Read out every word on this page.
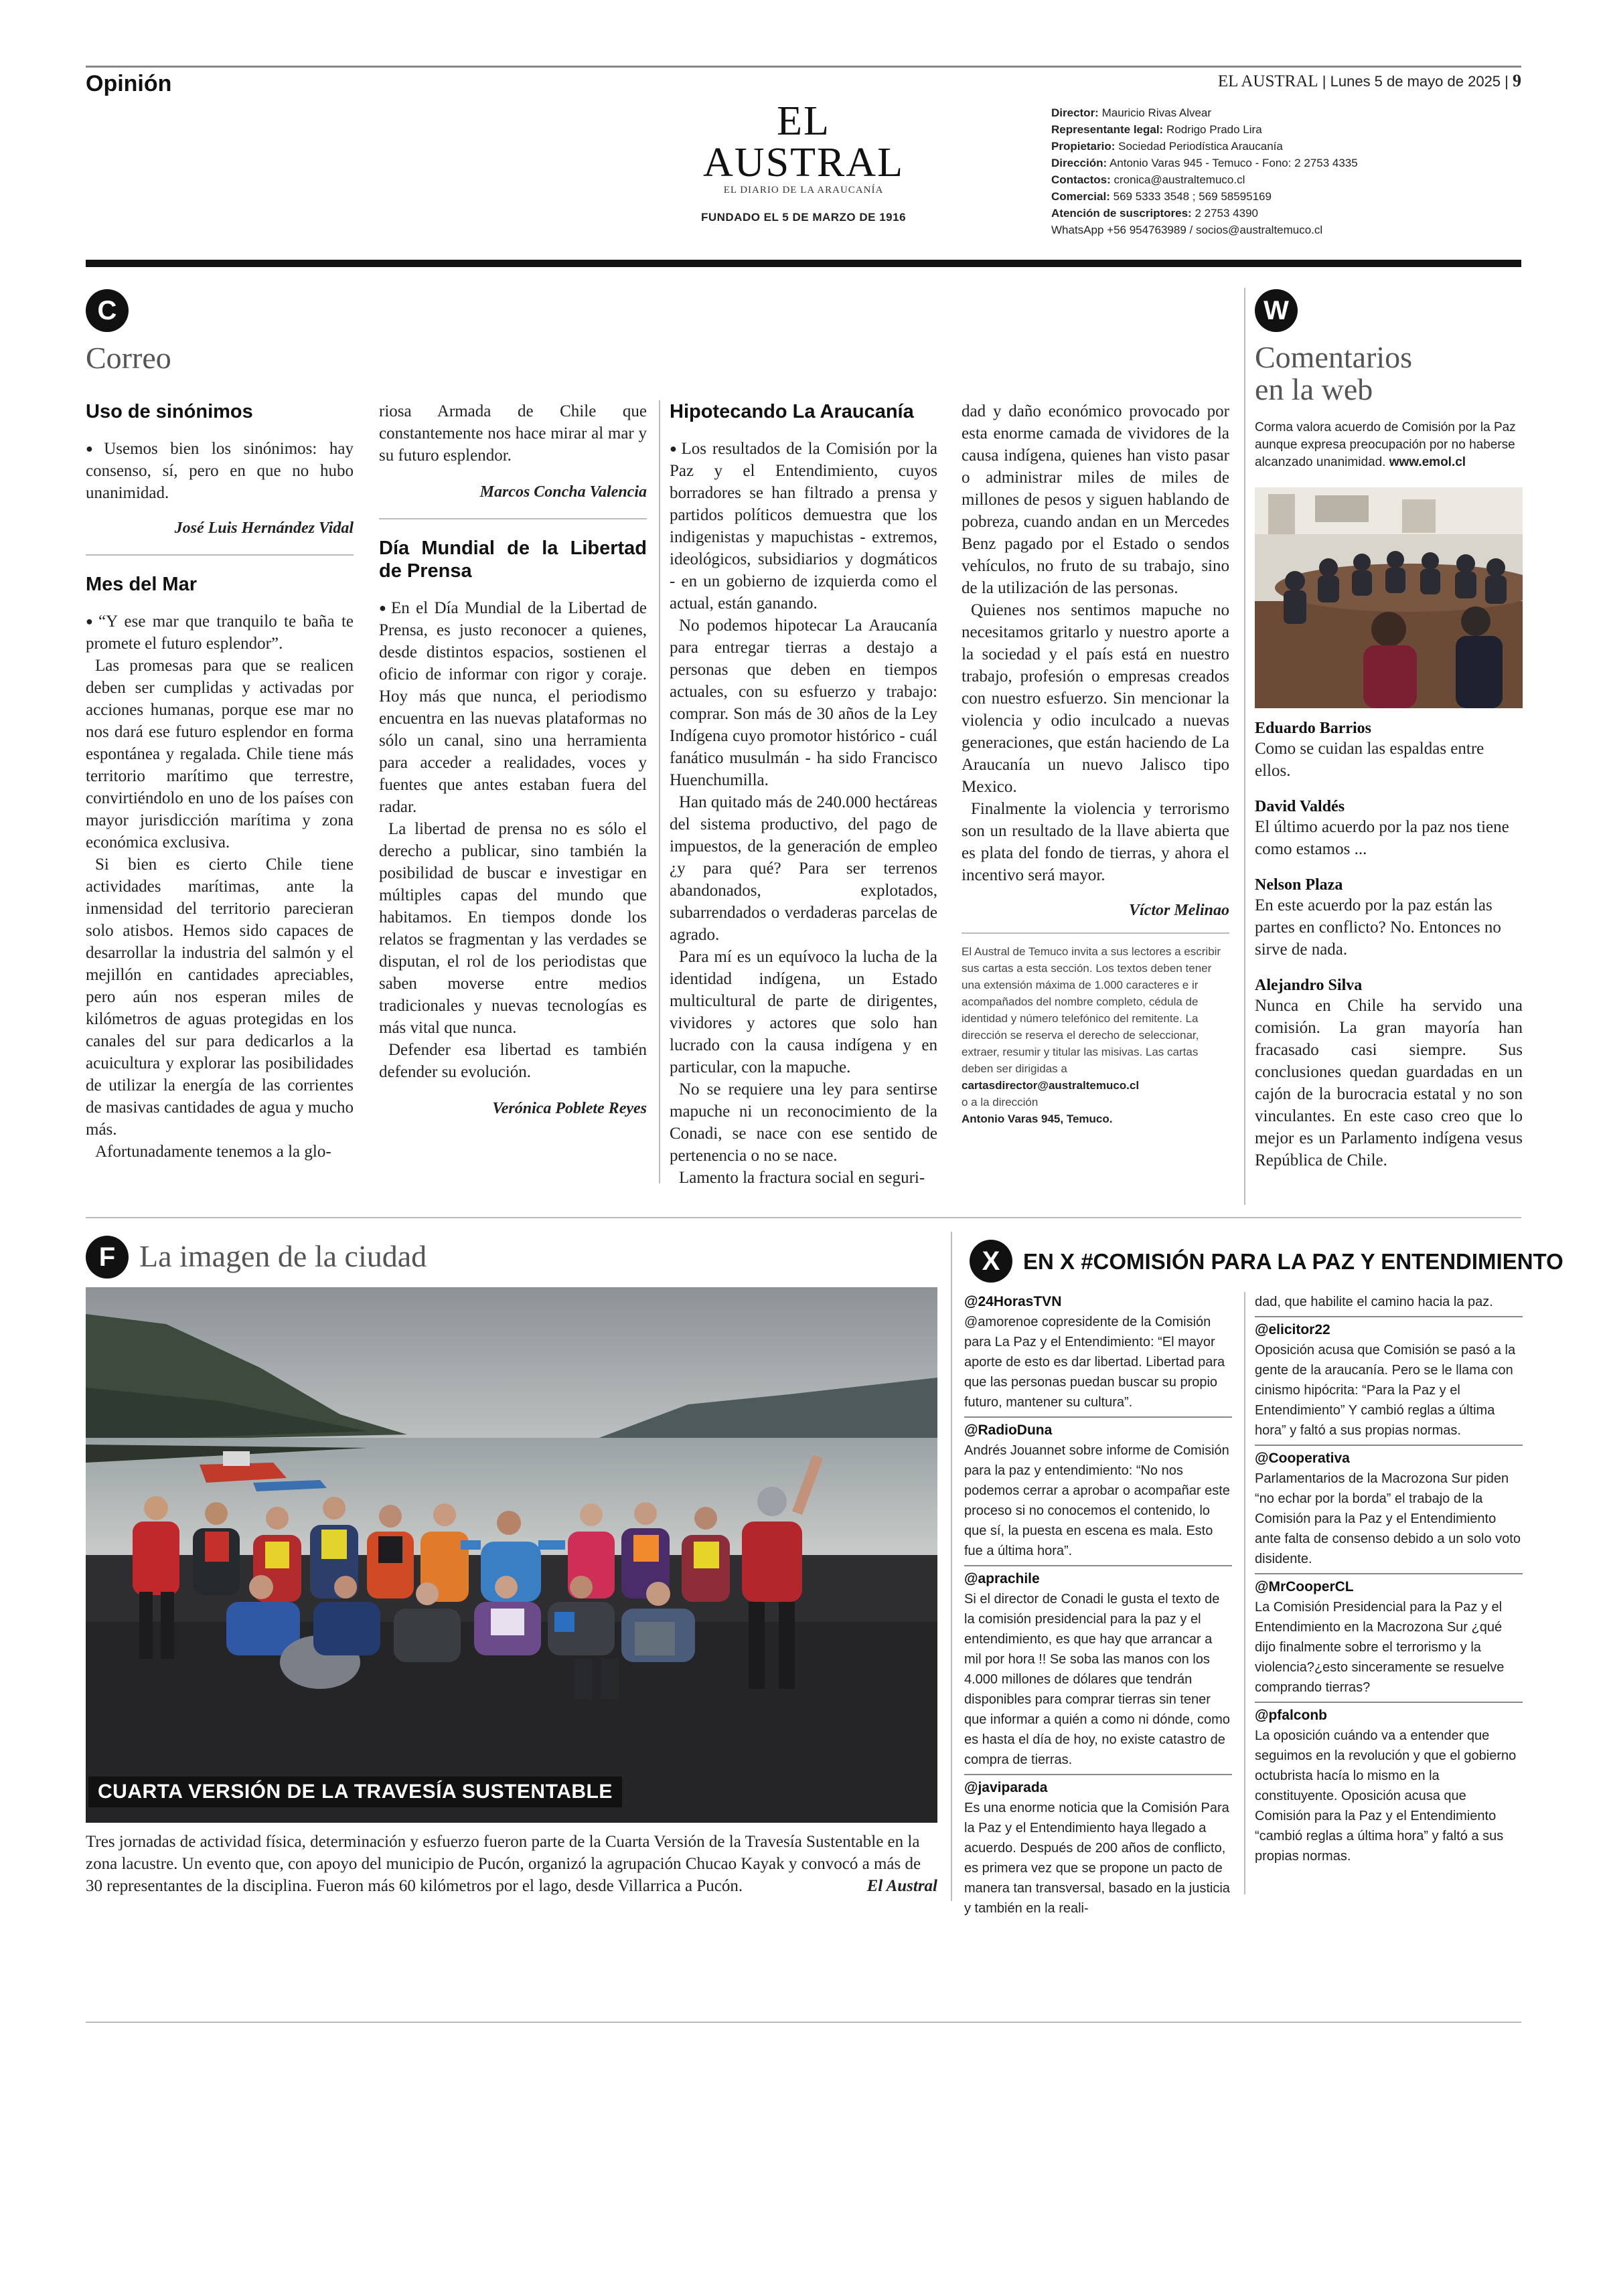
Opinión
EL AUSTRAL
EL DIARIO DE LA ARAUCANÍA
FUNDADO EL 5 DE MARZO DE 1916
EL AUSTRAL | Lunes 5 de mayo de 2025 | 9
Director: Mauricio Rivas Alvear
Representante legal: Rodrigo Prado Lira
Propietario: Sociedad Periodística Araucanía
Dirección: Antonio Varas 945 - Temuco - Fono: 2 2753 4335
Contactos: cronica@australtemuco.cl
Comercial: 569 5333 3548 ; 569 58595169
Atención de suscriptores: 2 2753 4390
WhatsApp +56 954763989 / socios@australtemuco.cl
C
Correo
Uso de sinónimos

● Usemos bien los sinónimos: hay consenso, sí, pero en que no hubo unanimidad.

José Luis Hernández Vidal
Mes del Mar

● “Y ese mar que tranquilo te baña te promete el futuro esplendor”.

Las promesas para que se realicen deben ser cumplidas y activadas por acciones humanas, porque ese mar no nos dará ese futuro esplendor en forma espontánea y regalada. Chile tiene más territorio marítimo que terrestre, convirtiéndolo en uno de los países con mayor jurisdicción marítima y zona económica exclusiva.

Si bien es cierto Chile tiene actividades marítimas, ante la inmensidad del territorio parecieran solo atisbos. Hemos sido capaces de desarrollar la industria del salmón y el mejillón en cantidades apreciables, pero aún nos esperan miles de kilómetros de aguas protegidas en los canales del sur para dedicarlos a la acuicultura y explorar las posibilidades de utilizar la energía de las corrientes de masivas cantidades de agua y mucho más.

Afortunadamente tenemos a la glo-

riosa Armada de Chile que constantemente nos hace mirar al mar y su futuro esplendor.

Marcos Concha Valencia
Día Mundial de la Libertad de Prensa

● En el Día Mundial de la Libertad de Prensa, es justo reconocer a quienes, desde distintos espacios, sostienen el oficio de informar con rigor y coraje. Hoy más que nunca, el periodismo encuentra en las nuevas plataformas no sólo un canal, sino una herramienta para acceder a realidades, voces y fuentes que antes estaban fuera del radar.

La libertad de prensa no es sólo el derecho a publicar, sino también la posibilidad de buscar e investigar en múltiples capas del mundo que habitamos. En tiempos donde los relatos se fragmentan y las verdades se disputan, el rol de los periodistas que saben moverse entre medios tradicionales y nuevas tecnologías es más vital que nunca.

Defender esa libertad es también defender su evolución.

Verónica Poblete Reyes
Hipotecando La Araucanía

● Los resultados de la Comisión por la Paz y el Entendimiento, cuyos borradores se han filtrado a prensa y partidos políticos demuestra que los indigenistas y mapuchistas - extremos, ideológicos, subsidiarios y dogmáticos - en un gobierno de izquierda como el actual, están ganando.

No podemos hipotecar La Araucanía para entregar tierras a destajo a personas que deben en tiempos actuales, con su esfuerzo y trabajo: comprar. Son más de 30 años de la Ley Indígena cuyo promotor histórico - cuál fanático musulmán - ha sido Francisco Huenchumilla.

Han quitado más de 240.000 hectáreas del sistema productivo, del pago de impuestos, de la generación de empleo ¿y para qué? Para ser terrenos abandonados, explotados, subarrendados o verdaderas parcelas de agrado.

Para mí es un equívoco la lucha de la identidad indígena, un Estado multicultural de parte de dirigentes, vividores y actores que solo han lucrado con la causa indígena y en particular, con la mapuche.

No se requiere una ley para sentirse mapuche ni un reconocimiento de la Conadi, se nace con ese sentido de pertenencia o no se nace.

Lamento la fractura social en seguri-

dad y daño económico provocado por esta enorme camada de vividores de la causa indígena, quienes han visto pasar o administrar miles de miles de millones de pesos y siguen hablando de pobreza, cuando andan en un Mercedes Benz pagado por el Estado o sendos vehículos, no fruto de su trabajo, sino de la utilización de las personas.

Quienes nos sentimos mapuche no necesitamos gritarlo y nuestro aporte a la sociedad y el país está en nuestro trabajo, profesión o empresas creados con nuestro esfuerzo. Sin mencionar la violencia y odio inculcado a nuevas generaciones, que están haciendo de La Araucanía un nuevo Jalisco tipo Mexico.

Finalmente la violencia y terrorismo son un resultado de la llave abierta que es plata del fondo de tierras, y ahora el incentivo será mayor.

Víctor Melinao
El Austral de Temuco invita a sus lectores a escribir sus cartas a esta sección. Los textos deben tener una extensión máxima de 1.000 caracteres e ir acompañados del nombre completo, cédula de identidad y número telefónico del remitente. La dirección se reserva el derecho de seleccionar, extraer, resumir y titular las misivas. Las cartas deben ser dirigidas a
cartasdirector@australtemuco.cl
o a la dirección
Antonio Varas 945, Temuco.
W
Comentarios
en la web
Corma valora acuerdo de Comisión por la Paz aunque expresa preocupación por no haberse alcanzado unanimidad. www.emol.cl
Eduardo Barrios
Como se cuidan las espaldas entre ellos.
David Valdés
El último acuerdo por la paz nos tiene como estamos ...
Nelson Plaza
En este acuerdo por la paz están las partes en conflicto? No. Entonces no sirve de nada.
Alejandro Silva
Nunca en Chile ha servido una comisión. La gran mayoría han fracasado casi siempre. Sus conclusiones quedan guardadas en un cajón de la burocracia estatal y no son vinculantes. En este caso creo que lo mejor es un Parlamento indígena vesus República de Chile.
F La imagen de la ciudad
CUARTA VERSIÓN DE LA TRAVESÍA SUSTENTABLE
Tres jornadas de actividad física, determinación y esfuerzo fueron parte de la Cuarta Versión de la Travesía Sustentable en la zona lacustre. Un evento que, con apoyo del municipio de Pucón, organizó la agrupación Chucao Kayak y convocó a más de 30 representantes de la disciplina. Fueron más 60 kilómetros por el lago, desde Villarrica a Pucón.	El Austral
X	EN X #COMISIÓN PARA LA PAZ Y ENTENDIMIENTO
@24HorasTVN
@amorenoe copresidente de la Comisión para La Paz y el Entendimiento: “El mayor aporte de esto es dar libertad. Libertad para que las personas puedan buscar su propio futuro, mantener su cultura”.
@RadioDuna
Andrés Jouannet sobre informe de Comisión para la paz y entendimiento: “No nos podemos cerrar a aprobar o acompañar este proceso si no conocemos el contenido, lo que sí, la puesta en escena es mala. Esto fue a última hora”.
@aprachile
Si el director de Conadi le gusta el texto de la comisión presidencial para la paz y el entendimiento, es que hay que arrancar a mil por hora !! Se soba las manos con los 4.000 millones de dólares que tendrán disponibles para comprar tierras sin tener que informar a quién a como ni dónde, como es hasta el día de hoy, no existe catastro de compra de tierras.
@javiparada
Es una enorme noticia que la Comisión Para la Paz y el Entendimiento haya llegado a acuerdo. Después de 200 años de conflicto, es primera vez que se propone un pacto de manera tan transversal, basado en la justicia y también en la reali-
dad, que habilite el camino hacia la paz.
@elicitor22
Oposición acusa que Comisión se pasó a la gente de la araucanía. Pero se le llama con cinismo hipócrita: “Para la Paz y el Entendimiento” Y cambió reglas a última hora” y faltó a sus propias normas.
@Cooperativa
Parlamentarios de la Macrozona Sur piden “no echar por la borda” el trabajo de la Comisión para la Paz y el Entendimiento ante falta de consenso debido a un solo voto disidente.
@MrCooperCL
La Comisión Presidencial para la Paz y el Entendimiento en la Macrozona Sur ¿qué dijo finalmente sobre el terrorismo y la violencia?¿esto sinceramente se resuelve comprando tierras?
@pfalconb
La oposición cuándo va a entender que seguimos en la revolución y que el gobierno octubrista hacía lo mismo en la constituyente. Oposición acusa que Comisión para la Paz y el Entendimiento “cambió reglas a última hora” y faltó a sus propias normas.
